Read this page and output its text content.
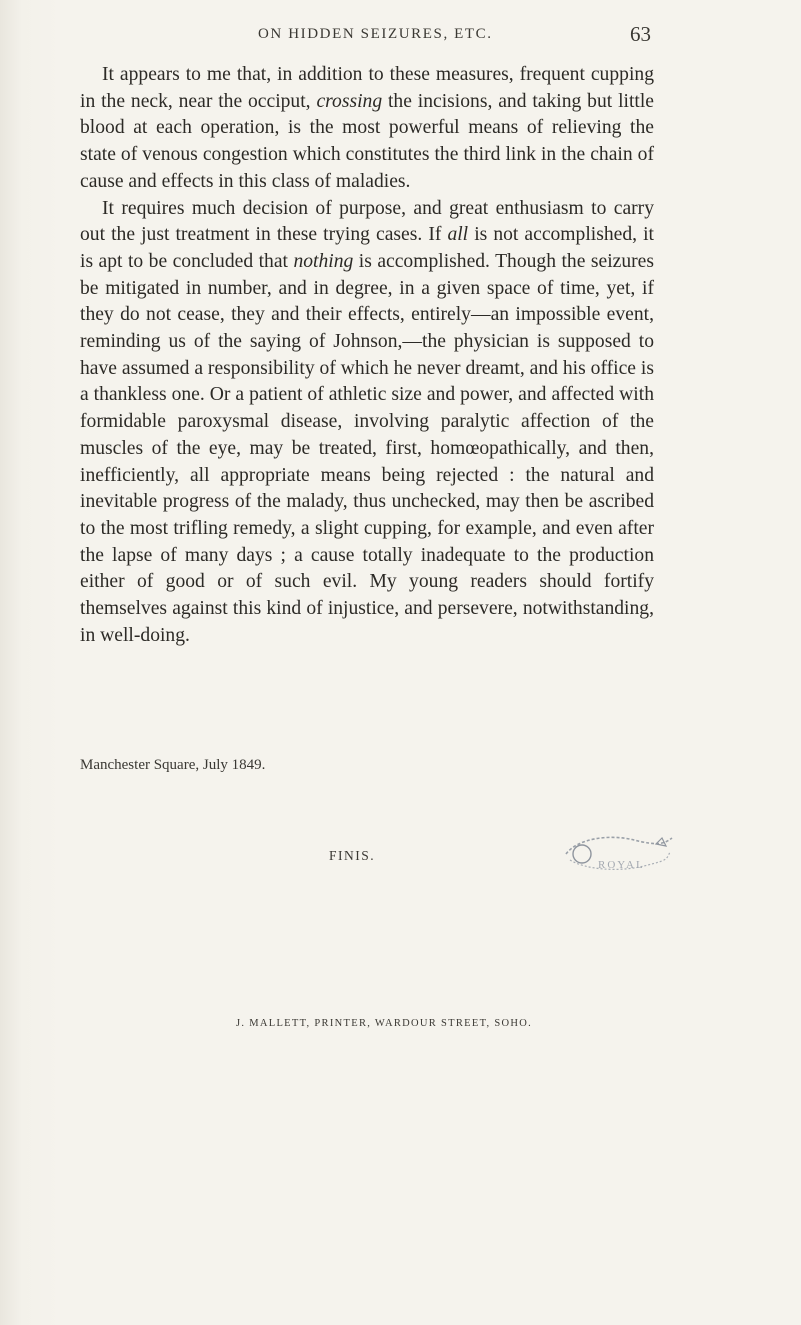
ON HIDDEN SEIZURES, ETC.	63

It appears to me that, in addition to these measures, frequent cupping in the neck, near the occiput, crossing the incisions, and taking but little blood at each operation, is the most powerful means of relieving the state of venous congestion which constitutes the third link in the chain of cause and effects in this class of maladies.

It requires much decision of purpose, and great enthusiasm to carry out the just treatment in these trying cases. If all is not accomplished, it is apt to be concluded that nothing is accomplished. Though the seizures be mitigated in number, and in degree, in a given space of time, yet, if they do not cease, they and their effects, entirely—an impossible event, reminding us of the saying of Johnson,—the physician is supposed to have assumed a responsibility of which he never dreamt, and his office is a thankless one. Or a patient of athletic size and power, and affected with formidable paroxysmal disease, involving paralytic affection of the muscles of the eye, may be treated, first, homœopathically, and then, inefficiently, all appropriate means being rejected : the natural and inevitable progress of the malady, thus unchecked, may then be ascribed to the most trifling remedy, a slight cupping, for example, and even after the lapse of many days ; a cause totally inadequate to the production either of good or of such evil. My young readers should fortify themselves against this kind of injustice, and persevere, notwithstanding, in well-doing.

Manchester Square, July 1849.
FINIS.
ROYAL
J. MALLETT, PRINTER, WARDOUR STREET, SOHO.
